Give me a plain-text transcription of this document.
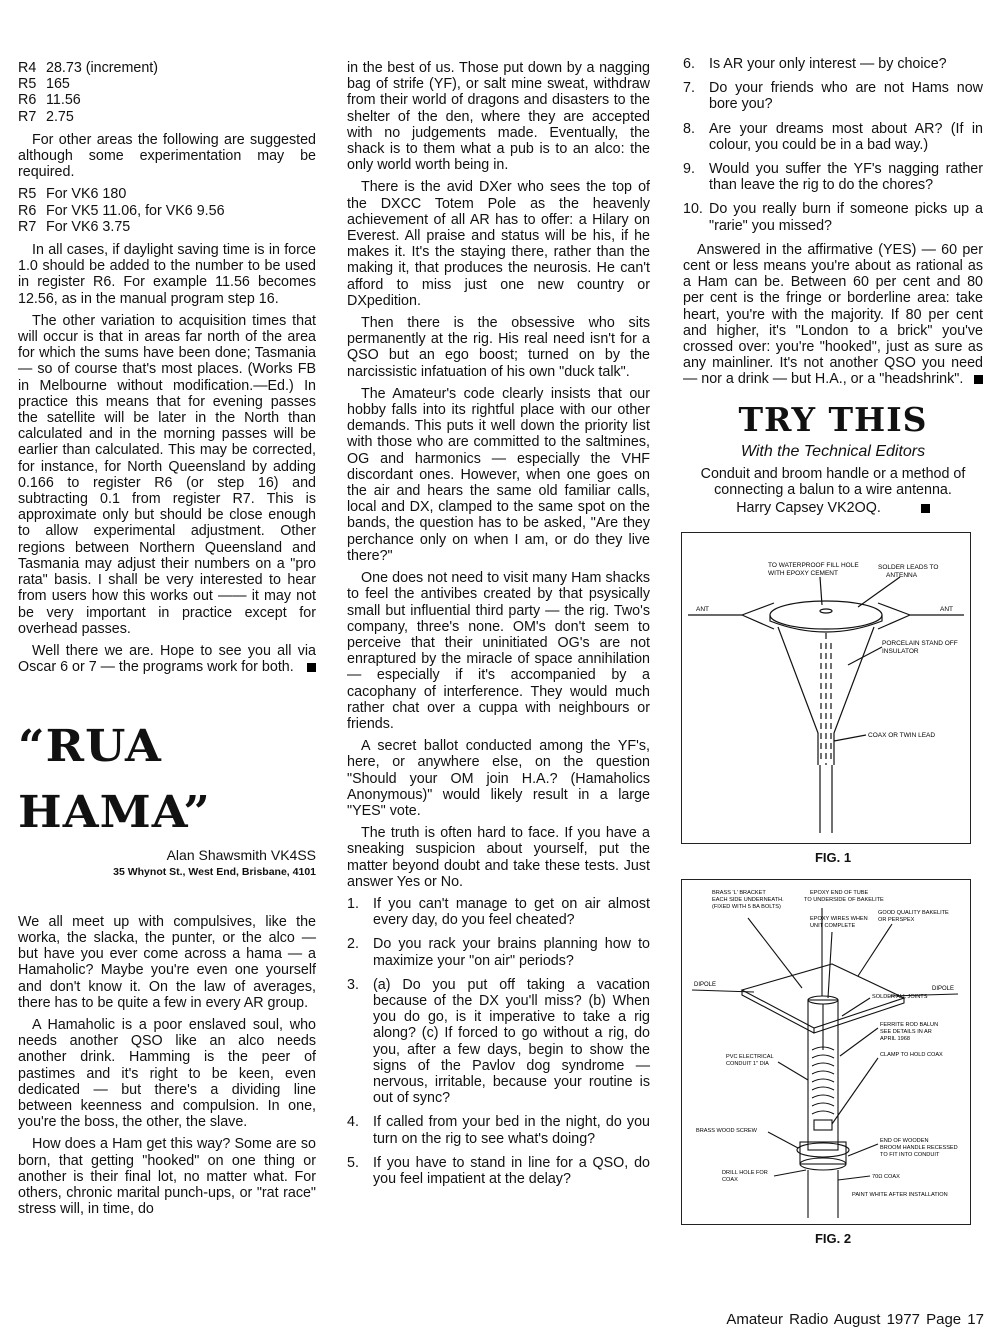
R4 28.73 (increment)
R5 165
R6 11.56
R7 2.75

For other areas the following are suggested although some experimentation may be required.

R5 For VK6 180
R6 For VK5 11.06, for VK6 9.56
R7 For VK6 3.75

In all cases, if daylight saving time is in force 1.0 should be added to the number to be used in register R6. For example 11.56 becomes 12.56, as in the manual program step 16.

The other variation to acquisition times that will occur is that in areas far north of the area for which the sums have been done; Tasmania — so of course that's most places. (Works FB in Melbourne without modification.—Ed.) In practice this means that for evening passes the satellite will be later in the North than calculated and in the morning passes will be earlier than calculated. This may be corrected, for instance, for North Queensland by adding 0.166 to register R6 (or step 16) and subtracting 0.1 from register R7. This is approximate only but should be close enough to allow experimental adjustment. Other regions between Northern Queensland and Tasmania may adjust their numbers on a "pro rata" basis. I shall be very interested to hear from users how this works out —— it may not be very important in practice except for overhead passes.

Well there we are. Hope to see you all via Oscar 6 or 7 — the programs work for both.

“RUA
HAMA”
Alan Shawsmith VK4SS
35 Whynot St., West End, Brisbane, 4101

We all meet up with compulsives, like the worka, the slacka, the punter, or the alco — but have you ever come across a hama — a Hamaholic? Maybe you're even one yourself and don't know it. On the law of averages, there has to be quite a few in every AR group.

A Hamaholic is a poor enslaved soul, who needs another QSO like an alco needs another drink. Hamming is the peer of pastimes and it's right to be keen, even dedicated — but there's a dividing line between keenness and compulsion. In one, you're the boss, the other, the slave.

How does a Ham get this way? Some are so born, that getting "hooked" on one thing or another is their final lot, no matter what. For others, chronic marital punch-ups, or "rat race" stress will, in time, do

in the best of us. Those put down by a nagging bag of strife (YF), or salt mine sweat, withdraw from their world of dragons and disasters to the shelter of the den, where they are accepted with no judgements made. Eventually, the shack is to them what a pub is to an alco: the only world worth being in.

There is the avid DXer who sees the top of the DXCC Totem Pole as the heavenly achievement of all AR has to offer: a Hilary on Everest. All praise and status will be his, if he makes it. It's the staying there, rather than the making it, that produces the neurosis. He can't afford to miss just one new country or DXpedition.

Then there is the obsessive who sits permanently at the rig. His real need isn't for a QSO but an ego boost; turned on by the narcissistic infatuation of his own "duck talk".

The Amateur's code clearly insists that our hobby falls into its rightful place with our other demands. This puts it well down the priority list with those who are committed to the saltmines, OG and harmonics — especially the VHF discordant ones. However, when one goes on the air and hears the same old familiar calls, local and DX, clamped to the same spot on the bands, the question has to be asked, "Are they perchance only on when I am, or do they live there?"

One does not need to visit many Ham shacks to feel the antivibes created by that psysically small but influential third party — the rig. Two's company, three's none. OM's don't seem to perceive that their uninitiated OG's are not enraptured by the miracle of space annihilation — especially if it's accompanied by a cacophany of interference. They would much rather chat over a cuppa with neighbours or friends.

A secret ballot conducted among the YF's, here, or anywhere else, on the question "Should your OM join H.A.? (Hamaholics Anonymous)" would likely result in a large "YES" vote.

The truth is often hard to face. If you have a sneaking suspicion about yourself, put the matter beyond doubt and take these tests. Just answer Yes or No.

1. If you can't manage to get on air almost every day, do you feel cheated?
2. Do you rack your brains planning how to maximize your "on air" periods?
3. (a) Do you put off taking a vacation because of the DX you'll miss? (b) When you do go, is it imperative to take a rig along? (c) If forced to go without a rig, do you, after a few days, begin to show the signs of the Pavlov dog syndrome — nervous, irritable, because your routine is out of sync?
4. If called from your bed in the night, do you turn on the rig to see what's doing?
5. If you have to stand in line for a QSO, do you feel impatient at the delay?
6. Is AR your only interest — by choice?
7. Do your friends who are not Hams now bore you?
8. Are your dreams most about AR? (If in colour, you could be in a bad way.)
9. Would you suffer the YF's nagging rather than leave the rig to do the chores?
10. Do you really burn if someone picks up a "rarie" you missed?

Answered in the affirmative (YES) — 60 per cent or less means you're about as rational as a Ham can be. Between 60 per cent and 80 per cent is the fringe or borderline area: take heart, you're with the majority. If 80 per cent and higher, it's "London to a brick" you've crossed over: you're "hooked", just as sure as any mainliner. It's not another QSO you need — nor a drink — but H.A., or a "headshrink".

TRY THIS
With the Technical Editors

Conduit and broom handle or a method of connecting a balun to a wire antenna.

Harry Capsey VK2OQ.
TO WATERPROOF FILL HOLE
WITH EPOXY CEMENT
SOLDER LEADS TO
ANTENNA
ANT	ANT
PORCELAIN STAND OFF
INSULATOR
COAX OR TWIN LEAD
FIG. 1
BRASS 'L' BRACKET
EACH SIDE UNDERNEATH.
(FIXED WITH 5 BA BOLTS)
EPOXY END OF TUBE
TO UNDERSIDE OF BAKELITE
EPOXY WIRES WHEN
UNIT COMPLETE
GOOD QUALITY BAKELITE
OR PERSPEX
DIPOLE
DIPOLE
SOLDER ALL JOINTS
FERRITE ROD BALUN
SEE DETAILS IN AR
APRIL 1968
PVC ELECTRICAL
CONDUIT 1" DIA
CLAMP TO HOLD COAX
BRASS WOOD SCREW
END OF WOODEN
BROOM HANDLE RECESSED
TO FIT INTO CONDUIT
DRILL HOLE FOR
COAX	70Ω COAX
PAINT WHITE AFTER INSTALLATION
FIG. 2
Amateur Radio August 1977 Page 17
